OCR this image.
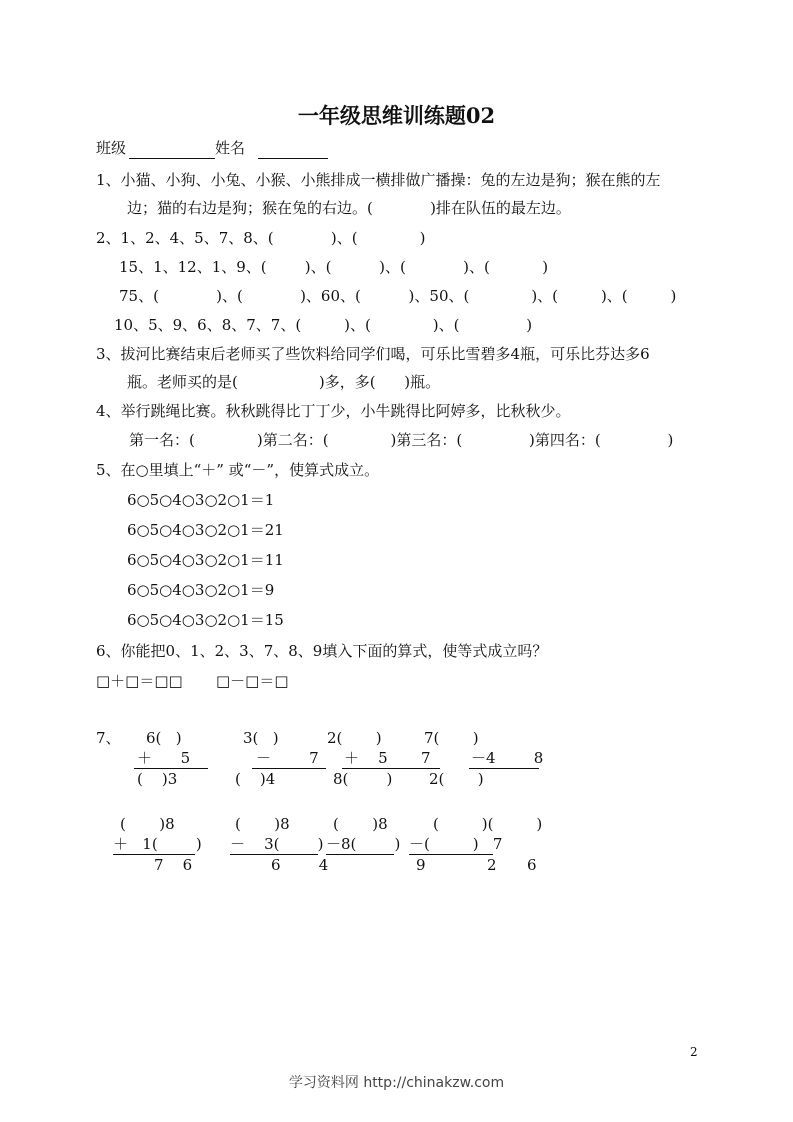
一年级思维训练题02
班级	姓名
1、小猫、小狗、小兔、小猴、小熊排成一横排做广播操：兔的左边是狗；猴在熊的左
边；猫的右边是狗；猴在兔的右边。(            )排在队伍的最左边。
2、1、2、4、5、7、8、(            )、(             )
15、1、12、1、9、(        )、(          )、(            )、(           )
75、(            )、(            )、60、(          )、50、(             )、(         )、(         )
10、5、9、6、8、7、7、(         )、(             )、(              )
3、拔河比赛结束后老师买了些饮料给同学们喝，可乐比雪碧多4瓶，可乐比芬达多6
瓶。老师买的是(                 )多，多(      )瓶。
4、举行跳绳比赛。秋秋跳得比丁丁少，小牛跳得比阿婷多，比秋秋少。
第一名：(             )第二名：(             )第三名：(              )第四名：(              )
5、在○里填上“＋” 或“－”，使算式成立。
6○5○4○3○2○1＝1
6○5○4○3○2○1＝21
6○5○4○3○2○1＝11
6○5○4○3○2○1＝9
6○5○4○3○2○1＝15
6、你能把0、1、2、3、7、8、9填入下面的算式，使等式成立吗？
□＋□＝□□ □－□＝□
7、 6(   )	3(   )	2(       )	7(       )
＋      5	－        7 ＋    5       7	－4        8
(    )3	(    )4	8(        ) 2(       )
(       )8	(       )8	(       )8	(         )(         )
＋   1(        ) －    3(        ) －8(        ) －(         )   7
7    6	6        4	9	2 6
2
学习资料网 http://chinakzw.com
